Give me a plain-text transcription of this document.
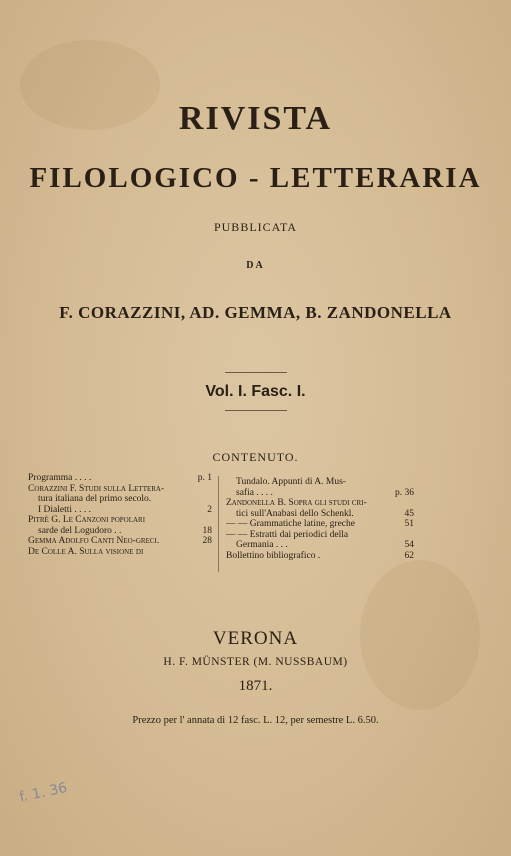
RIVISTA
FILOLOGICO - LETTERARIA
PUBBLICATA
DA
F. CORAZZINI, AD. GEMMA, B. ZANDONELLA
Vol. I. Fasc. I.
CONTENUTO.
Programma . . . .	p. 1
Corazzini F. Studi sulla Lettera-
tura italiana del primo secolo.
I Dialetti . . . .	2
Pitrè G. Le Canzoni popolari
sarde del Logudoro . .	18
Gemma Adolfo Canti Neo-greci.	28
De Colle A. Sulla visione di
Tundalo. Appunti di A. Mus-
safia . . . .	p. 36
Zandonella B. Sopra gli studi cri-
tici sull'Anabasi dello Schenkl.	45
— — Grammatiche latine, greche	51
— — Estratti dai periodici della
Germania . . .	54
Bollettino bibliografico .	62
VERONA
H. F. MÜNSTER (M. NUSSBAUM)
1871.
Prezzo per l' annata di 12 fasc. L. 12, per semestre L. 6.50.
f. 1. 36
